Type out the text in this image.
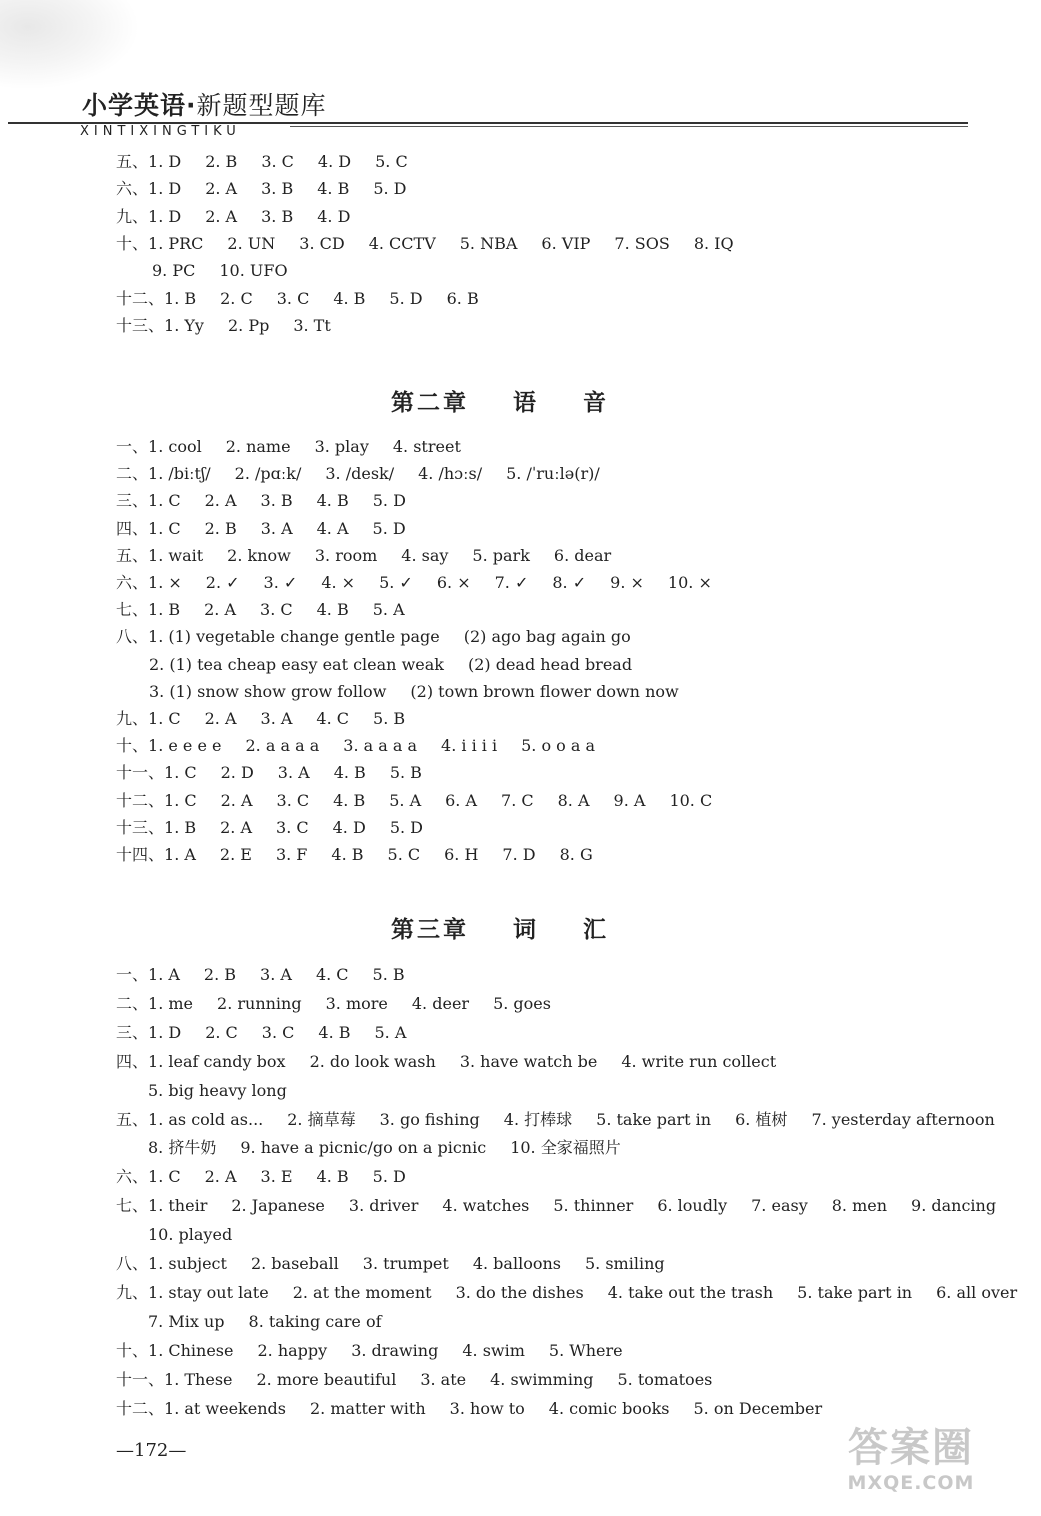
小学英语·新题型题库
XINTIXINGTIKU
五、1. D 2. B 3. C 4. D 5. C
六、1. D 2. A 3. B 4. B 5. D
九、1. D 2. A 3. B 4. D
十、1. PRC 2. UN 3. CD 4. CCTV 5. NBA 6. VIP 7. SOS 8. IQ
9. PC 10. UFO
十二、1. B 2. C 3. C 4. B 5. D 6. B
十三、1. Yy 2. Pp 3. Tt
第二章    语    音
一、1. cool 2. name 3. play 4. street
二、1. /biːtʃ/ 2. /pɑːk/ 3. /desk/ 4. /hɔːs/ 5. /ˈruːlə(r)/
三、1. C 2. A 3. B 4. B 5. D
四、1. C 2. B 3. A 4. A 5. D
五、1. wait 2. know 3. room 4. say 5. park 6. dear
六、1. × 2. ✓ 3. ✓ 4. × 5. ✓ 6. × 7. ✓ 8. ✓ 9. × 10. ×
七、1. B 2. A 3. C 4. B 5. A
八、1. (1) vegetable change gentle page (2) ago bag again go
2. (1) tea cheap easy eat clean weak (2) dead head bread
3. (1) snow show grow follow (2) town brown flower down now
九、1. C 2. A 3. A 4. C 5. B
十、1. e e e e 2. a a a a 3. a a a a 4. i i i i 5. o o a a
十一、1. C 2. D 3. A 4. B 5. B
十二、1. C 2. A 3. C 4. B 5. A 6. A 7. C 8. A 9. A 10. C
十三、1. B 2. A 3. C 4. D 5. D
十四、1. A 2. E 3. F 4. B 5. C 6. H 7. D 8. G
第三章    词    汇
一、1. A 2. B 3. A 4. C 5. B
二、1. me 2. running 3. more 4. deer 5. goes
三、1. D 2. C 3. C 4. B 5. A
四、1. leaf candy box 2. do look wash 3. have watch be 4. write run collect
5. big heavy long
五、1. as cold as... 2. 摘草莓 3. go fishing 4. 打棒球 5. take part in 6. 植树 7. yesterday afternoon
8. 挤牛奶 9. have a picnic/go on a picnic 10. 全家福照片
六、1. C 2. A 3. E 4. B 5. D
七、1. their 2. Japanese 3. driver 4. watches 5. thinner 6. loudly 7. easy 8. men 9. dancing
10. played
八、1. subject 2. baseball 3. trumpet 4. balloons 5. smiling
九、1. stay out late 2. at the moment 3. do the dishes 4. take out the trash 5. take part in 6. all over
7. Mix up 8. taking care of
十、1. Chinese 2. happy 3. drawing 4. swim 5. Where
十一、1. These 2. more beautiful 3. ate 4. swimming 5. tomatoes
十二、1. at weekends 2. matter with 3. how to 4. comic books 5. on December
—172—	答案圈
MXQE.COM
